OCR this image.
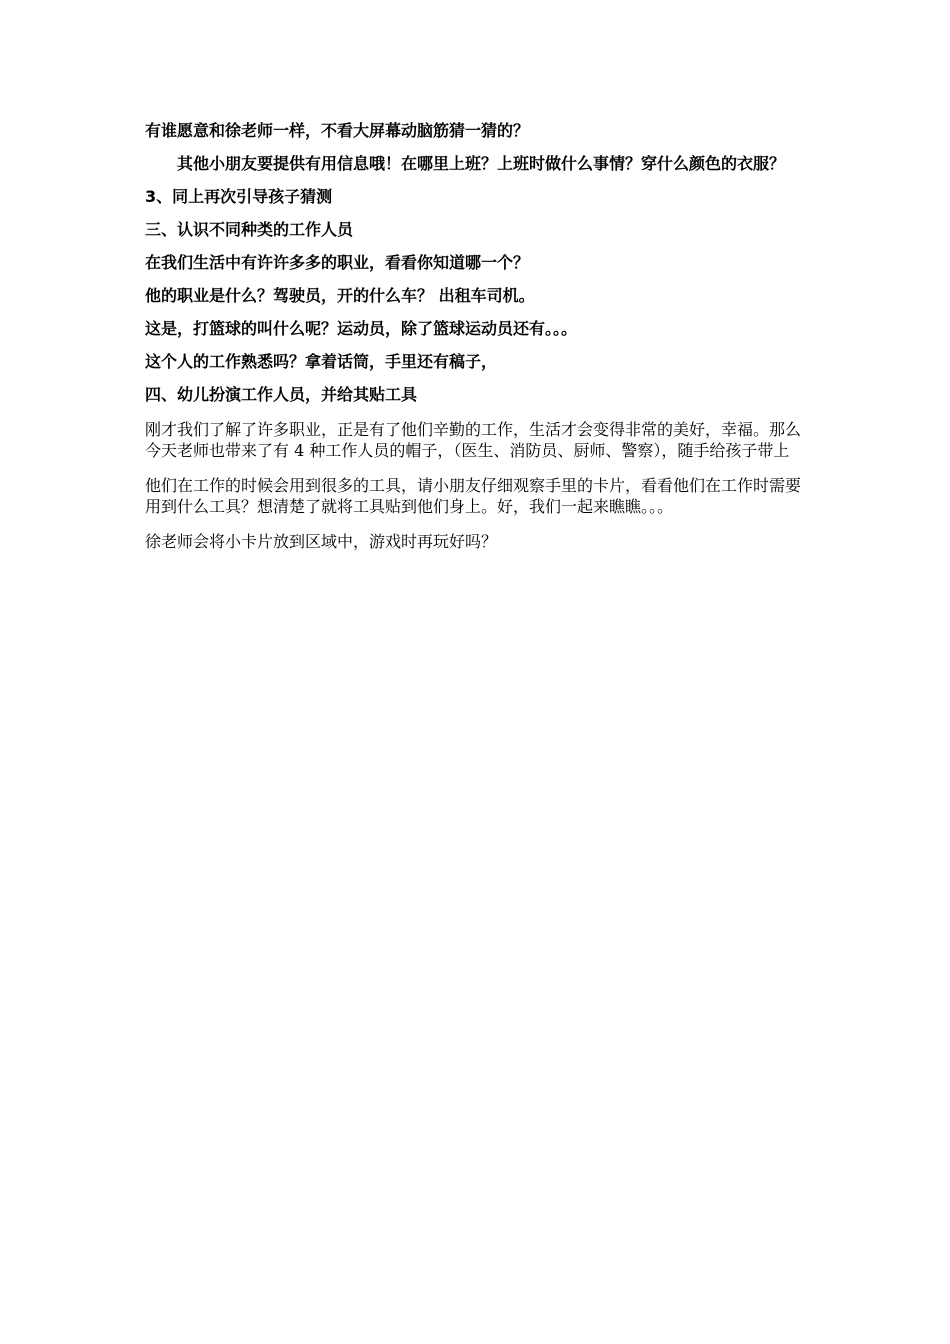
有谁愿意和徐老师一样，不看大屏幕动脑筋猜一猜的？

其他小朋友要提供有用信息哦！在哪里上班？上班时做什么事情？穿什么颜色的衣服？

3、同上再次引导孩子猜测

三、认识不同种类的工作人员

在我们生活中有许许多多的职业，看看你知道哪一个？

他的职业是什么？驾驶员，开的什么车？ 出租车司机。

这是，打篮球的叫什么呢？运动员，除了篮球运动员还有。。。

这个人的工作熟悉吗？拿着话筒，手里还有稿子，

四、幼儿扮演工作人员，并给其贴工具

刚才我们了解了许多职业，正是有了他们辛勤的工作，生活才会变得非常的美好，幸福。那么今天老师也带来了有 4 种工作人员的帽子，（医生、消防员、厨师、警察），随手给孩子带上

他们在工作的时候会用到很多的工具，请小朋友仔细观察手里的卡片，看看他们在工作时需要用到什么工具？想清楚了就将工具贴到他们身上。好，我们一起来瞧瞧。。。

徐老师会将小卡片放到区域中，游戏时再玩好吗？
